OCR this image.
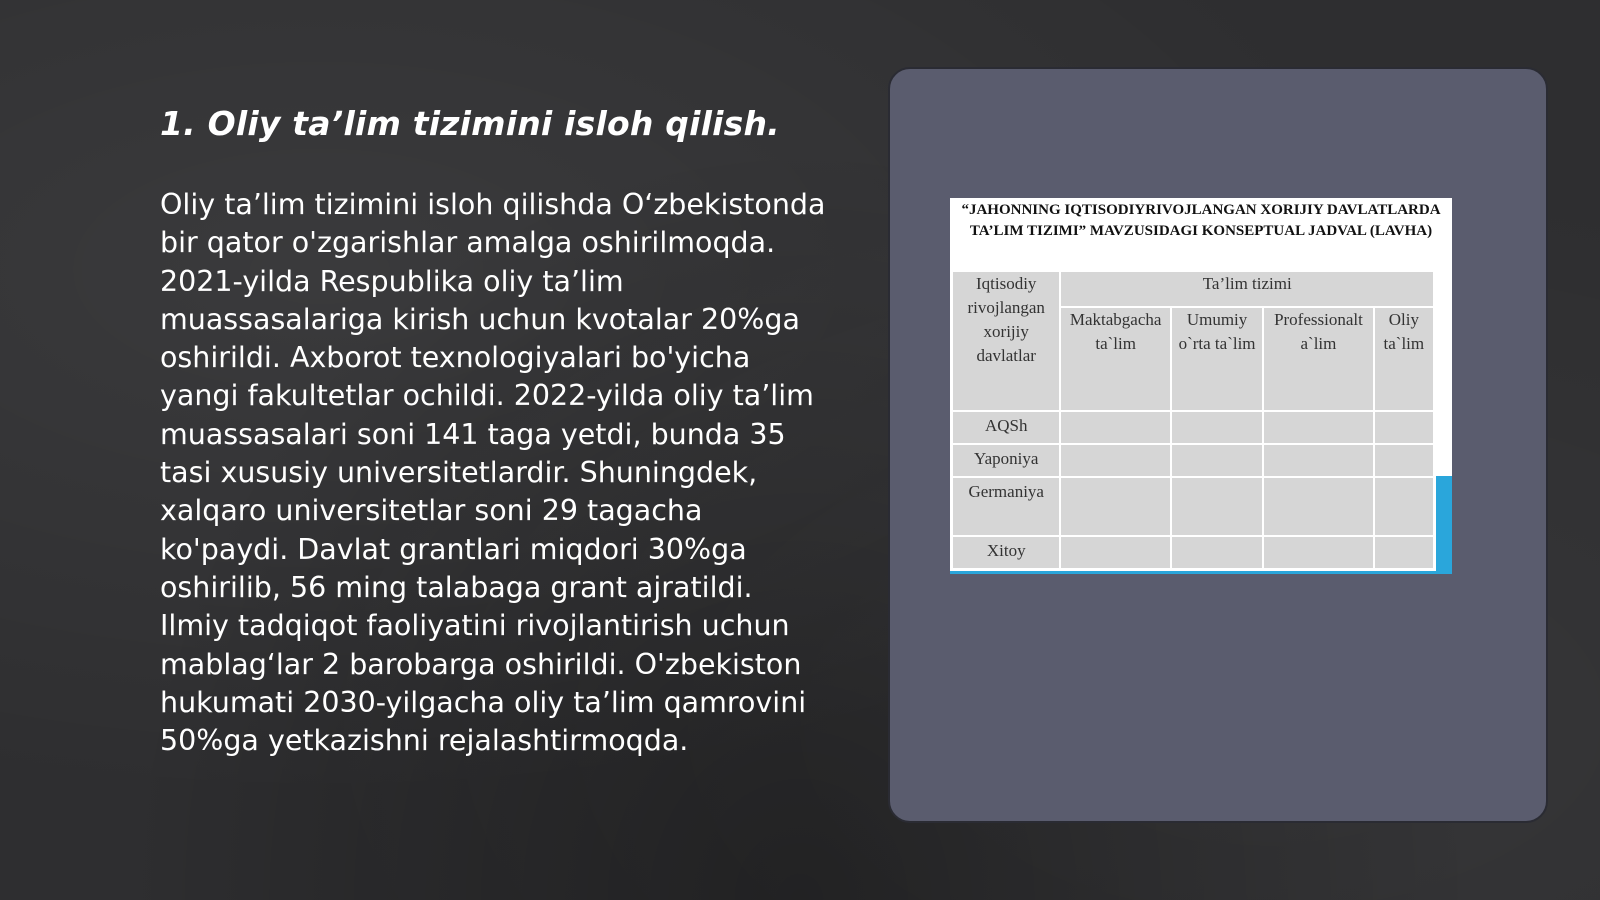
1. Oliy ta’lim tizimini isloh qilish.

Oliy ta’lim tizimini isloh qilishda O‘zbekistonda bir qator o'zgarishlar amalga oshirilmoqda. 2021-yilda Respublika oliy ta’lim muassasalariga kirish uchun kvotalar 20%ga oshirildi. Axborot texnologiyalari bo'yicha yangi fakultetlar ochildi. 2022-yilda oliy ta’lim muassasalari soni 141 taga yetdi, bunda 35 tasi xususiy universitetlardir. Shuningdek, xalqaro universitetlar soni 29 tagacha ko'paydi. Davlat grantlari miqdori 30%ga oshirilib, 56 ming talabaga grant ajratildi. Ilmiy tadqiqot faoliyatini rivojlantirish uchun mablag‘lar 2 barobarga oshirildi. O'zbekiston hukumati 2030-yilgacha oliy ta’lim qamrovini 50%ga yetkazishni rejalashtirmoqda.

“JAHONNING IQTISODIYRIVOJLANGAN XORIJIY DAVLATLARDA TA’LIM TIZIMI” MAVZUSIDAGI KONSEPTUAL JADVAL (LAVHA)

Iqtisodiy rivojlangan xorijiy davlatlar	Ta’lim tizimi			
	Maktabgacha ta`lim	Umumiy o`rta ta`lim	Professionalt a`lim	Oliy ta`lim
AQSh				
Yaponiya				
Germaniya				
Xitoy				
